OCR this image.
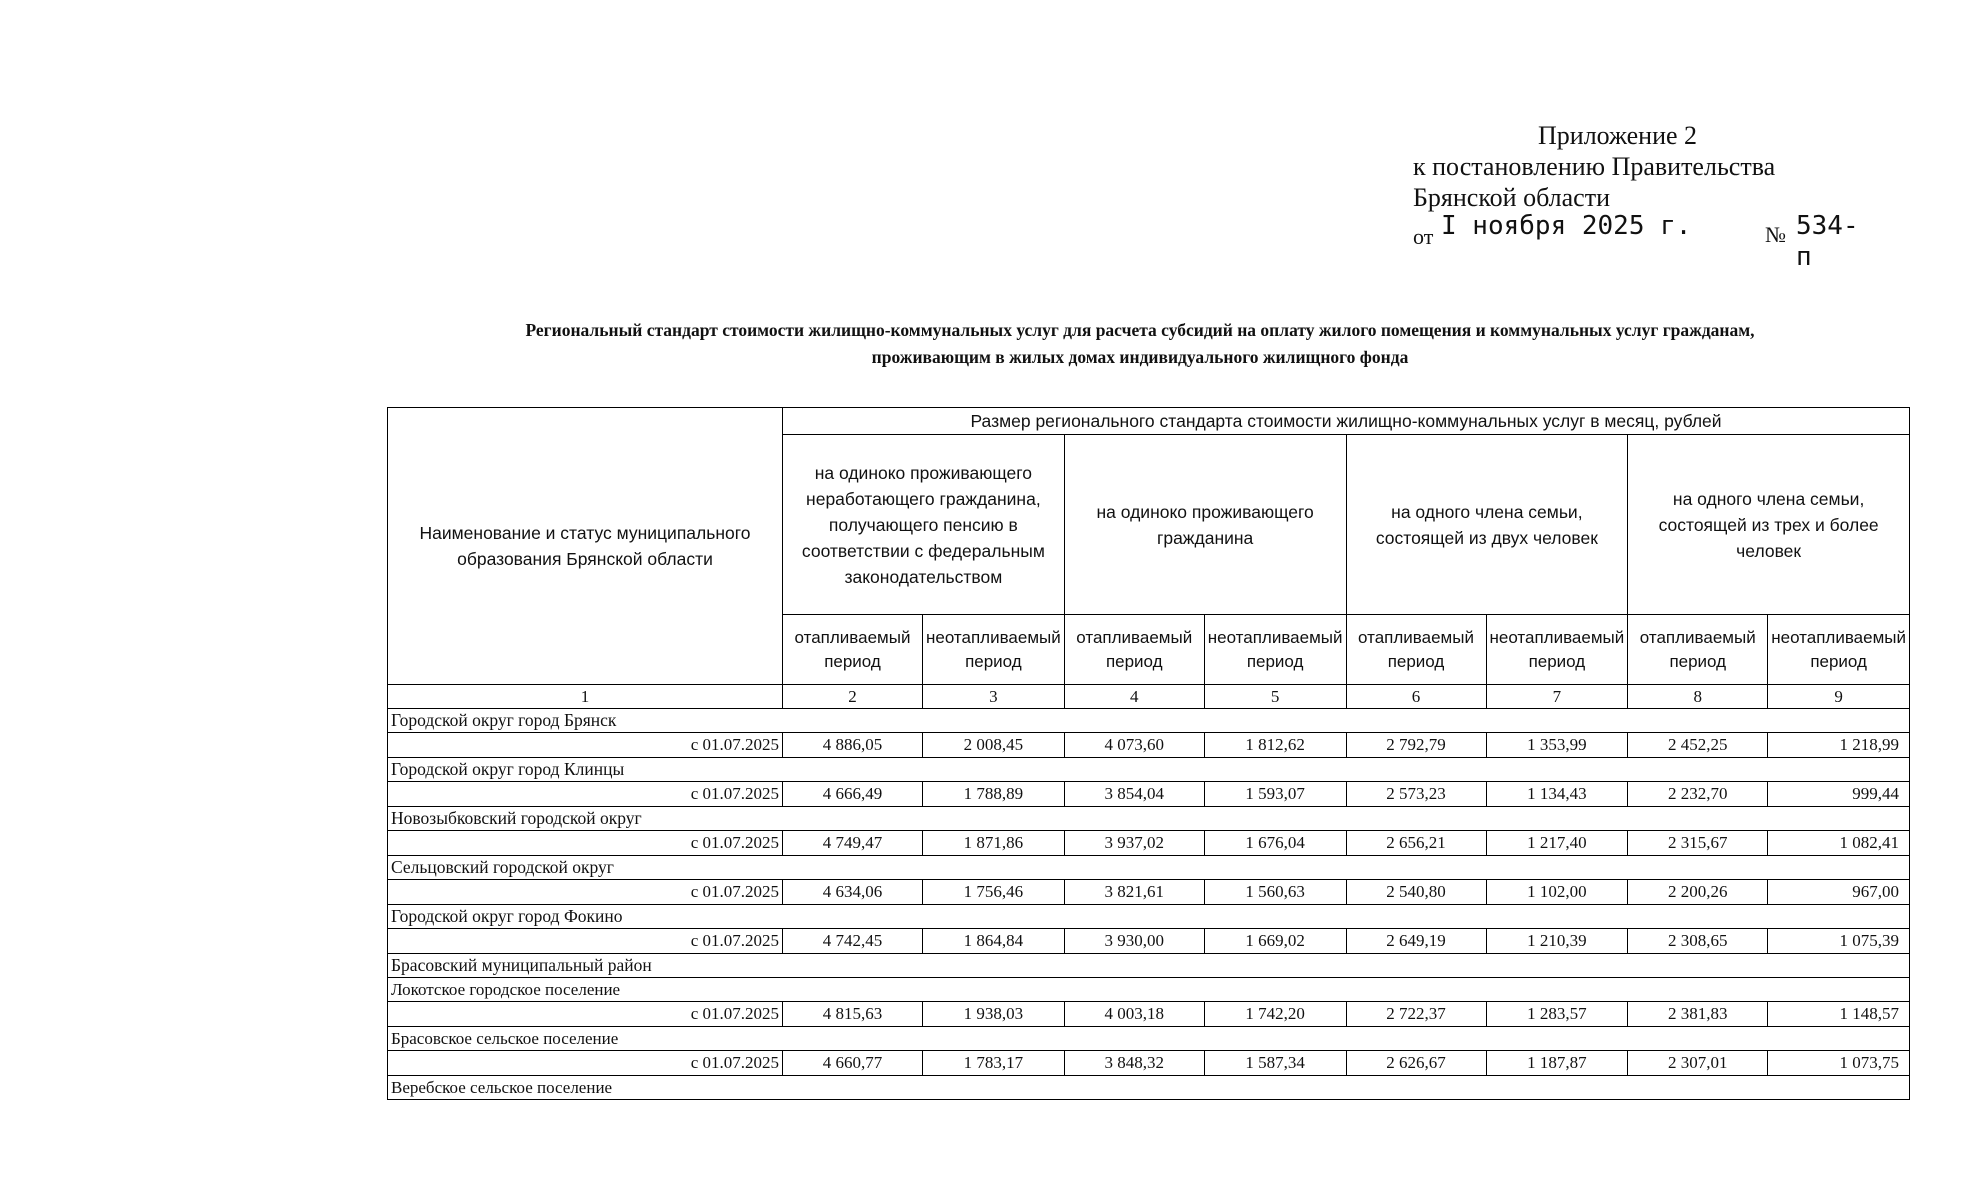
Приложение 2
к постановлению Правительства
Брянской области
от I ноября 2025 г.	№ 534-п
Региональный стандарт стоимости жилищно-коммунальных услуг для расчета субсидий на оплату жилого помещения и коммунальных услуг гражданам,
проживающим в жилых домах индивидуального жилищного фонда
Наименование и статус муниципального образования Брянской области	Размер регионального стандарта стоимости жилищно-коммунальных услуг в месяц, рублей							
	на одиноко проживающего неработающего гражданина, получающего пенсию в соответствии с федеральным законодательством		на одиноко проживающего гражданина		на одного члена семьи, состоящей из двух человек		на одного члена семьи, состоящей из трех и более человек	
	отапливаемый период	неотапливаемый период	отапливаемый период	неотапливаемый период	отапливаемый период	неотапливаемый период	отапливаемый период	неотапливаемый период
1	2	3	4	5	6	7	8	9
Городской округ город Брянск								
с 01.07.2025	4 886,05	2 008,45	4 073,60	1 812,62	2 792,79	1 353,99	2 452,25	1 218,99
Городской округ город Клинцы								
с 01.07.2025	4 666,49	1 788,89	3 854,04	1 593,07	2 573,23	1 134,43	2 232,70	999,44
Новозыбковский городской округ								
с 01.07.2025	4 749,47	1 871,86	3 937,02	1 676,04	2 656,21	1 217,40	2 315,67	1 082,41
Сельцовский городской округ								
с 01.07.2025	4 634,06	1 756,46	3 821,61	1 560,63	2 540,80	1 102,00	2 200,26	967,00
Городской округ город Фокино								
с 01.07.2025	4 742,45	1 864,84	3 930,00	1 669,02	2 649,19	1 210,39	2 308,65	1 075,39
Брасовский муниципальный район								
Локотское городское поселение								
с 01.07.2025	4 815,63	1 938,03	4 003,18	1 742,20	2 722,37	1 283,57	2 381,83	1 148,57
Брасовское сельское поселение								
с 01.07.2025	4 660,77	1 783,17	3 848,32	1 587,34	2 626,67	1 187,87	2 307,01	1 073,75
Веребское сельское поселение								
